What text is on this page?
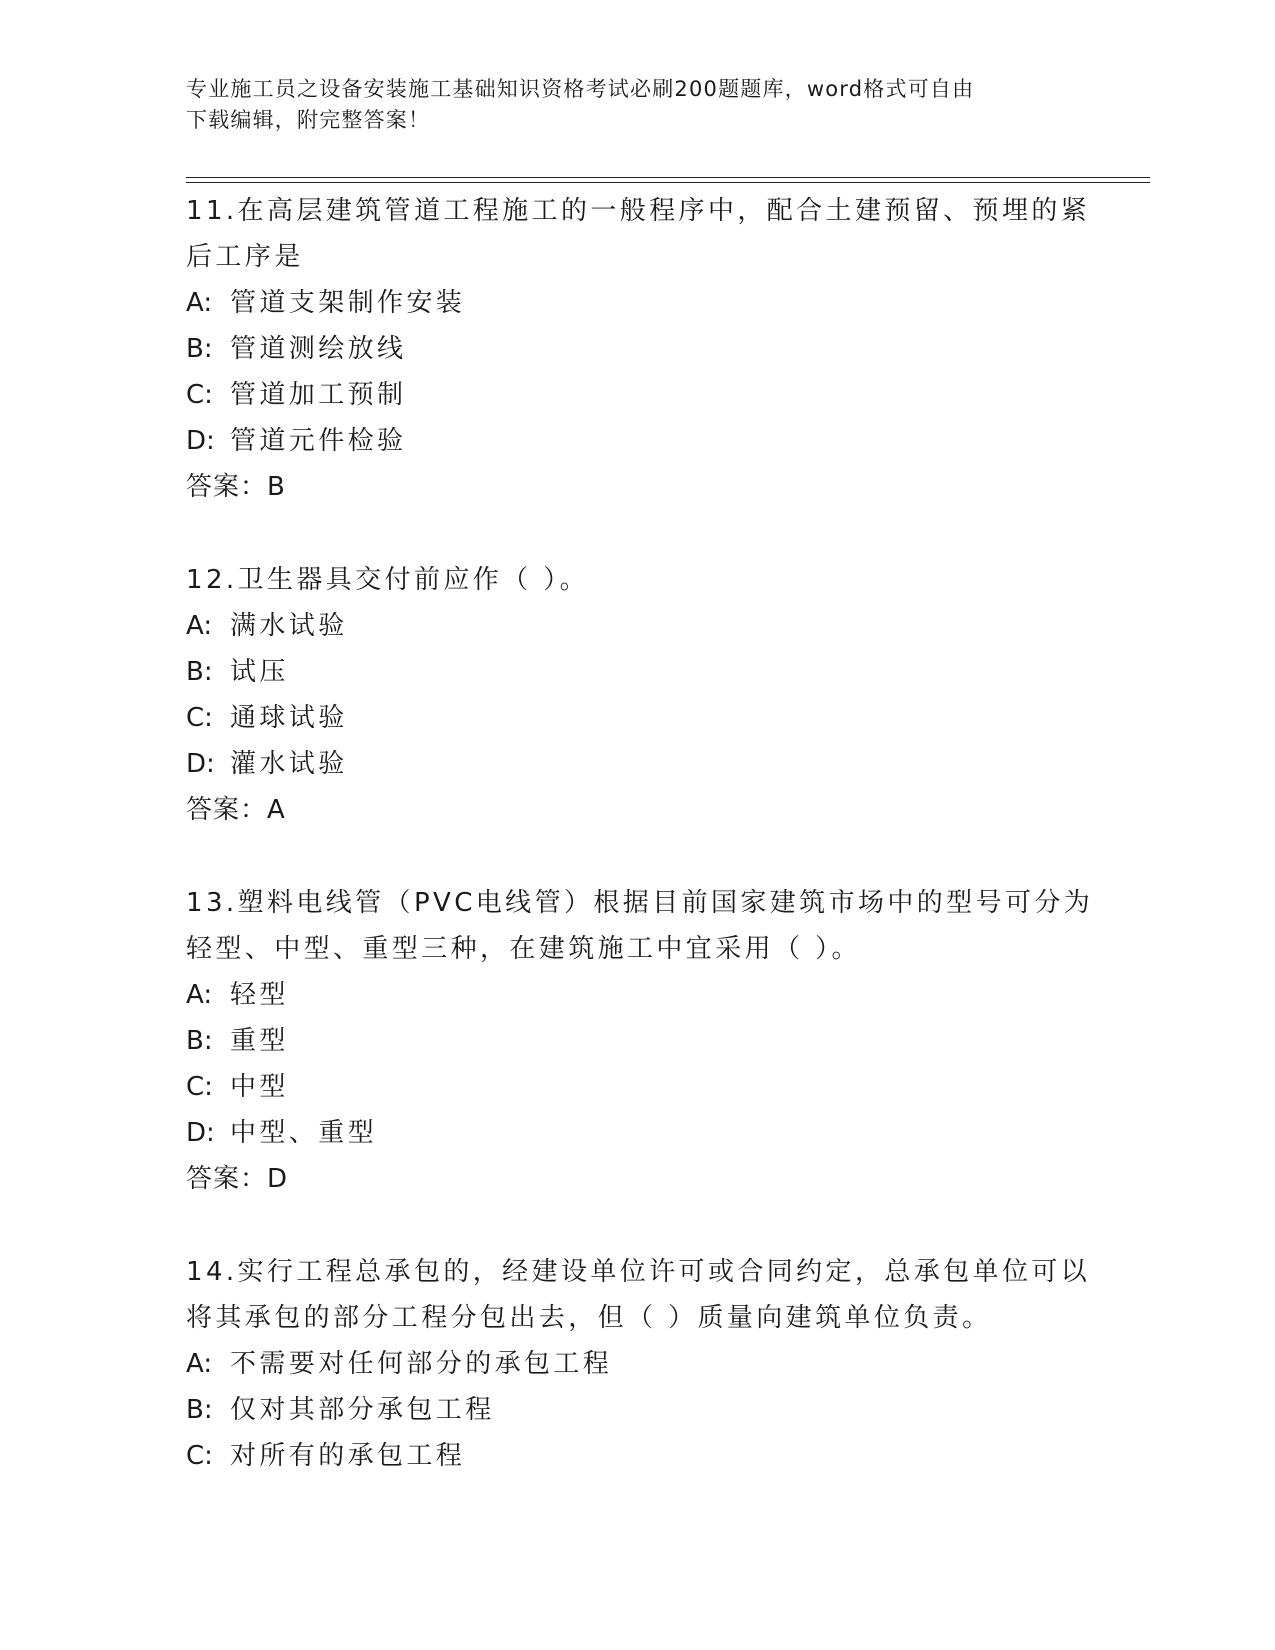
专业施工员之设备安装施工基础知识资格考试必刷200题题库，word格式可自由
下载编辑，附完整答案！
11.在高层建筑管道工程施工的一般程序中，配合土建预留、预埋的紧
后工序是
A: 管道支架制作安装
B: 管道测绘放线
C: 管道加工预制
D: 管道元件检验
答案：B
12.卫生器具交付前应作（ ）。
A: 满水试验
B: 试压
C: 通球试验
D: 灌水试验
答案：A
13.塑料电线管（PVC电线管）根据目前国家建筑市场中的型号可分为
轻型、中型、重型三种，在建筑施工中宜采用（ ）。
A: 轻型
B: 重型
C: 中型
D: 中型、重型
答案：D
14.实行工程总承包的，经建设单位许可或合同约定，总承包单位可以
将其承包的部分工程分包出去，但（ ）质量向建筑单位负责。
A: 不需要对任何部分的承包工程
B: 仅对其部分承包工程
C: 对所有的承包工程
